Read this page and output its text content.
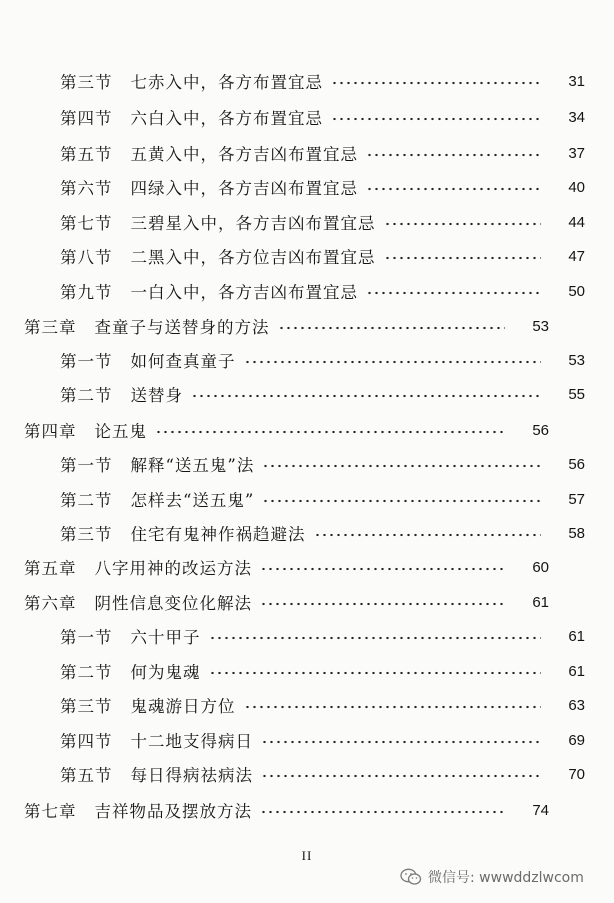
第三节 七赤入中，各方布置宜忌	31
第四节 六白入中，各方布置宜忌	34
第五节 五黄入中，各方吉凶布置宜忌	37
第六节 四绿入中，各方吉凶布置宜忌	40
第七节 三碧星入中，各方吉凶布置宜忌	44
第八节 二黑入中，各方位吉凶布置宜忌	47
第九节 一白入中，各方吉凶布置宜忌	50
第三章 查童子与送替身的方法	53
第一节 如何查真童子	53
第二节 送替身	55
第四章 论五鬼	56
第一节 解释“送五鬼”法	56
第二节 怎样去“送五鬼”	57
第三节 住宅有鬼神作祸趋避法	58
第五章 八字用神的改运方法	60
第六章 阴性信息变位化解法	61
第一节 六十甲子	61
第二节 何为鬼魂	61
第三节 鬼魂游日方位	63
第四节 十二地支得病日	69
第五节 每日得病祛病法	70
第七章 吉祥物品及摆放方法	74
II
微信号: wwwddzlwcom
